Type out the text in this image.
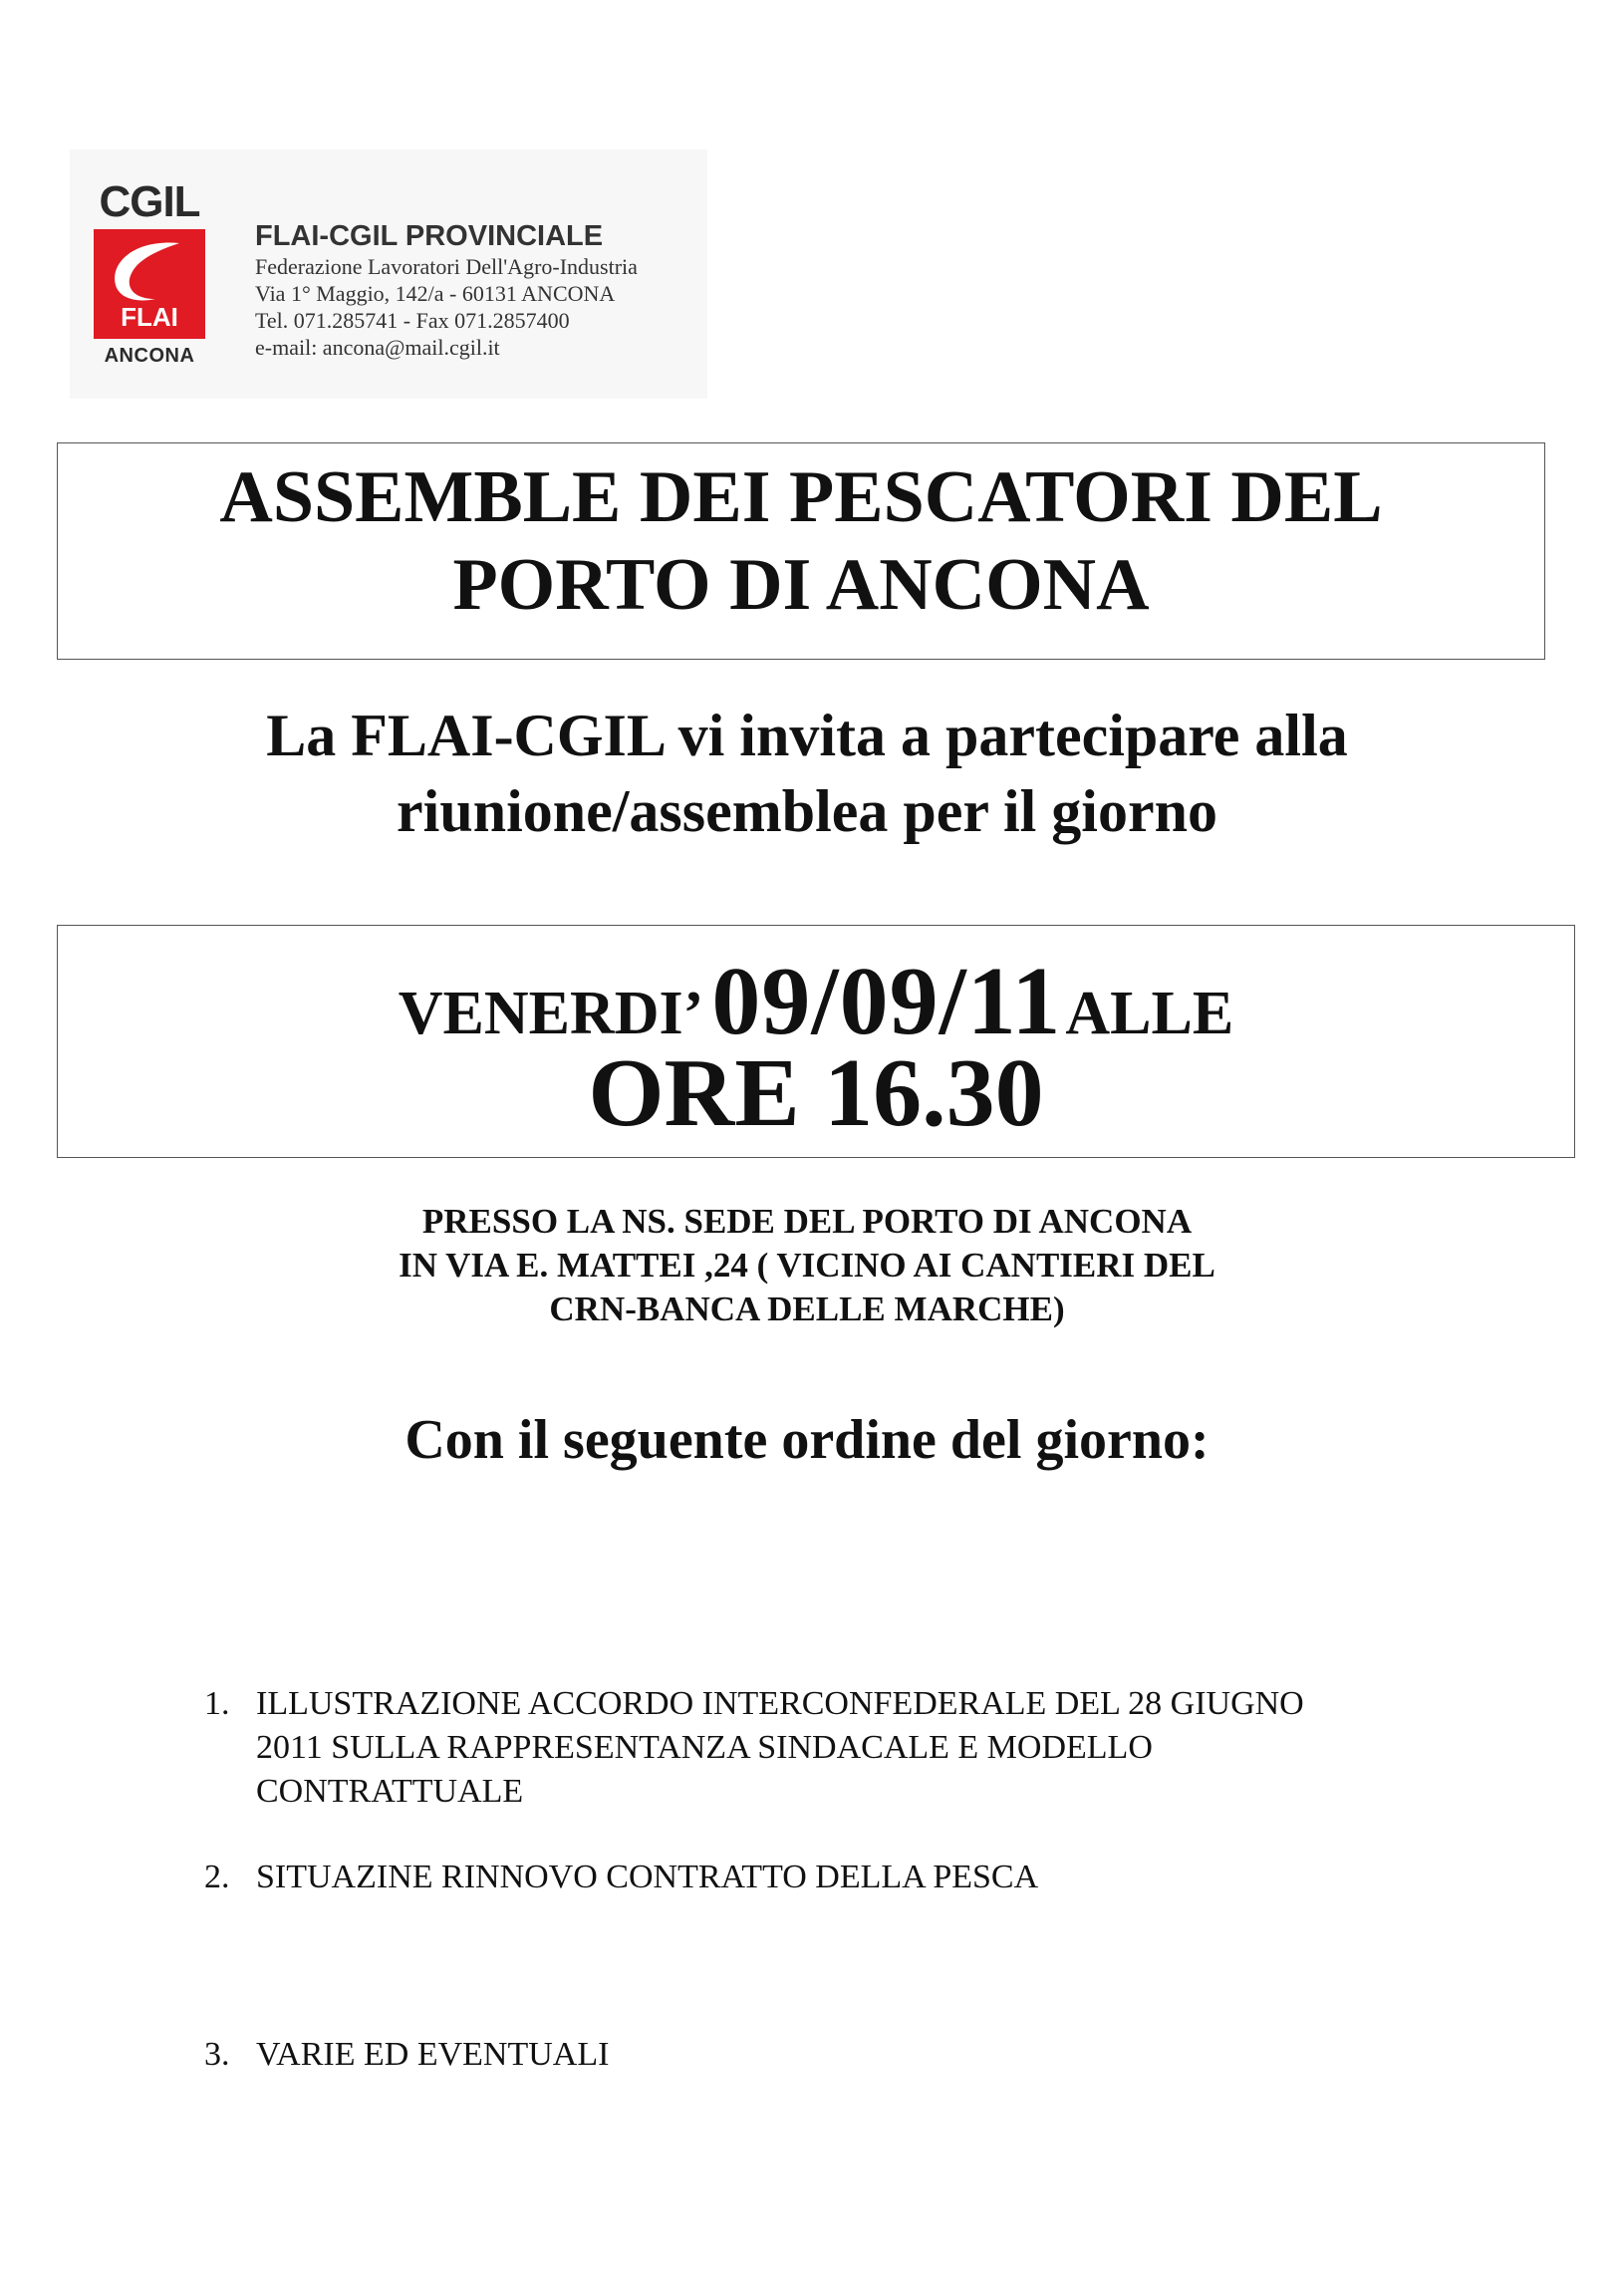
CGIL
FLAI
ANCONA
FLAI-CGIL PROVINCIALE
Federazione Lavoratori Dell'Agro-Industria
Via 1° Maggio, 142/a - 60131 ANCONA
Tel. 071.285741 - Fax 071.2857400
e-mail: ancona@mail.cgil.it
ASSEMBLE DEI PESCATORI DEL
PORTO DI ANCONA
La FLAI-CGIL vi invita a partecipare alla
riunione/assemblea per il giorno
VENERDI’  09/09/11 ALLE
ORE 16.30
PRESSO LA NS. SEDE DEL PORTO DI ANCONA
IN VIA E. MATTEI ,24 ( VICINO AI CANTIERI DEL
CRN-BANCA DELLE MARCHE)
Con il seguente ordine del giorno:
1. ILLUSTRAZIONE ACCORDO INTERCONFEDERALE DEL 28 GIUGNO
2011 SULLA RAPPRESENTANZA SINDACALE E MODELLO
CONTRATTUALE
2. SITUAZINE RINNOVO CONTRATTO DELLA PESCA
3. VARIE ED EVENTUALI
